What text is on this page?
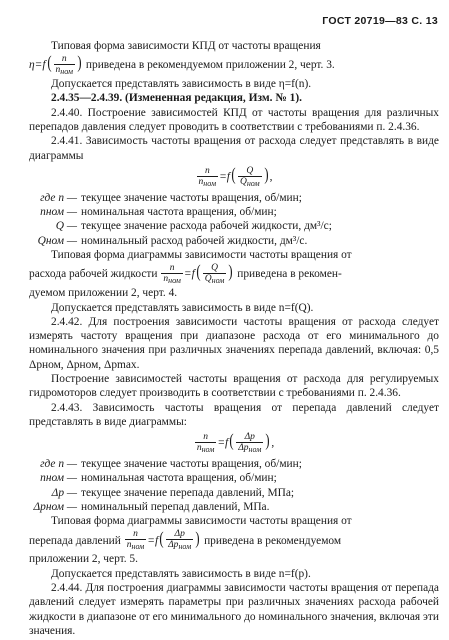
ГОСТ 20719—83 С. 13

Типовая форма зависимости КПД от частоты вращения

$\eta=f( \frac{n}{n_{ном}}$ ) приведена в рекомендуемом приложении 2, черт. 3.

Допускается представлять зависимость в виде η=f(n).

2.4.35—2.4.39. (Измененная редакция, Изм. № 1).

2.4.40. Построение зависимостей КПД от частоты вращения для различных перепадов давления следует проводить в соответствии с требованиями п. 2.4.36.

2.4.41. Зависимость частоты вращения от расхода следует представлять в виде диаграммы

$\frac{n}{n_{ном}} =f( \frac{Q}{Q_{ном}}$ ),
где n — текущее значение частоты вращения, об/мин;
nном — номинальная частота вращения, об/мин;
Q — текущее значение расхода рабочей жидкости, дм³/с;
Qном — номинальный расход рабочей жидкости, дм³/с.

Типовая форма диаграммы зависимости частоты вращения от

расхода рабочей жидкости $\frac{n}{n_{ном}} =f( \frac{Q}{Q_{ном}}$ ) приведена в рекомен-

дуемом приложении 2, черт. 4.

Допускается представлять зависимость в виде n=f(Q).

2.4.42. Для построения зависимости частоты вращения от расхода следует измерять частоту вращения при диапазоне расхода от его минимального до номинального значения при различных значениях перепада давлений, включая: 0,5 Δpном, Δpном, Δpmax.

Построение зависимостей частоты вращения от расхода для регулируемых гидромоторов следует производить в соответствии с требованиями п. 2.4.36.

2.4.43. Зависимость частоты вращения от перепада давлений следует представлять в виде диаграммы:

$\frac{n}{n_{ном}} =f( \frac{\Delta p}{\Delta p_{ном}}$ ),
где n — текущее значение частоты вращения, об/мин;
nном — номинальная частота вращения, об/мин;
Δp — текущее значение перепада давлений, МПа;
Δpном — номинальный перепад давлений, МПа.

Типовая форма диаграммы зависимости частоты вращения от

перепада давлений $\frac{n}{n_{ном}} =f( \frac{\Delta p}{\Delta p_{ном}}$ ) приведена в рекомендуемом

приложении 2, черт. 5.

Допускается представлять зависимость в виде n=f(p).

2.4.44. Для построения диаграммы зависимости частоты вращения от перепада давлений следует измерять параметры при различных значениях расхода рабочей жидкости в диапазоне от его минимального до номинального значения, включая эти значения.
